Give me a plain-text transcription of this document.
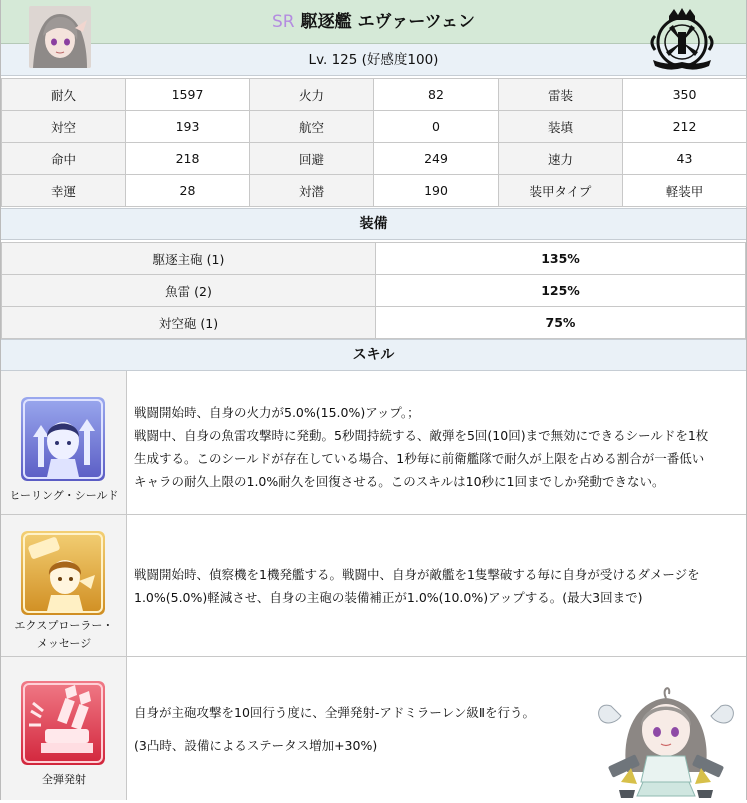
SR 駆逐艦 エヴァーツェン
Lv. 125 (好感度100)
耐久	1597	火力	82	雷装	350
対空	193	航空	0	装填	212
命中	218	回避	249	速力	43
幸運	28	対潜	190	装甲タイプ	軽装甲
装備
駆逐主砲 (1)	135%
魚雷 (2)	125%
対空砲 (1)	75%
スキル
ヒーリング・シールド
戦闘開始時、自身の火力が5.0%(15.0%)アップ。；
戦闘中、自身の魚雷攻撃時に発動。5秒間持続する、敵弾を5回(10回)まで無効にできるシールドを1枚
生成する。このシールドが存在している場合、1秒毎に前衛艦隊で耐久が上限を占める割合が一番低い
キャラの耐久上限の1.0%耐久を回復させる。このスキルは10秒に1回までしか発動できない。
エクスプローラー・
メッセージ
戦闘開始時、偵察機を1機発艦する。戦闘中、自身が敵艦を1隻撃破する毎に自身が受けるダメージを
1.0%(5.0%)軽減させ、自身の主砲の装備補正が1.0%(10.0%)アップする。(最大3回まで)
全弾発射
自身が主砲攻撃を10回行う度に、全弾発射-アドミラーレン級Ⅱを行う。
(3凸時、設備によるステータス増加+30%)
